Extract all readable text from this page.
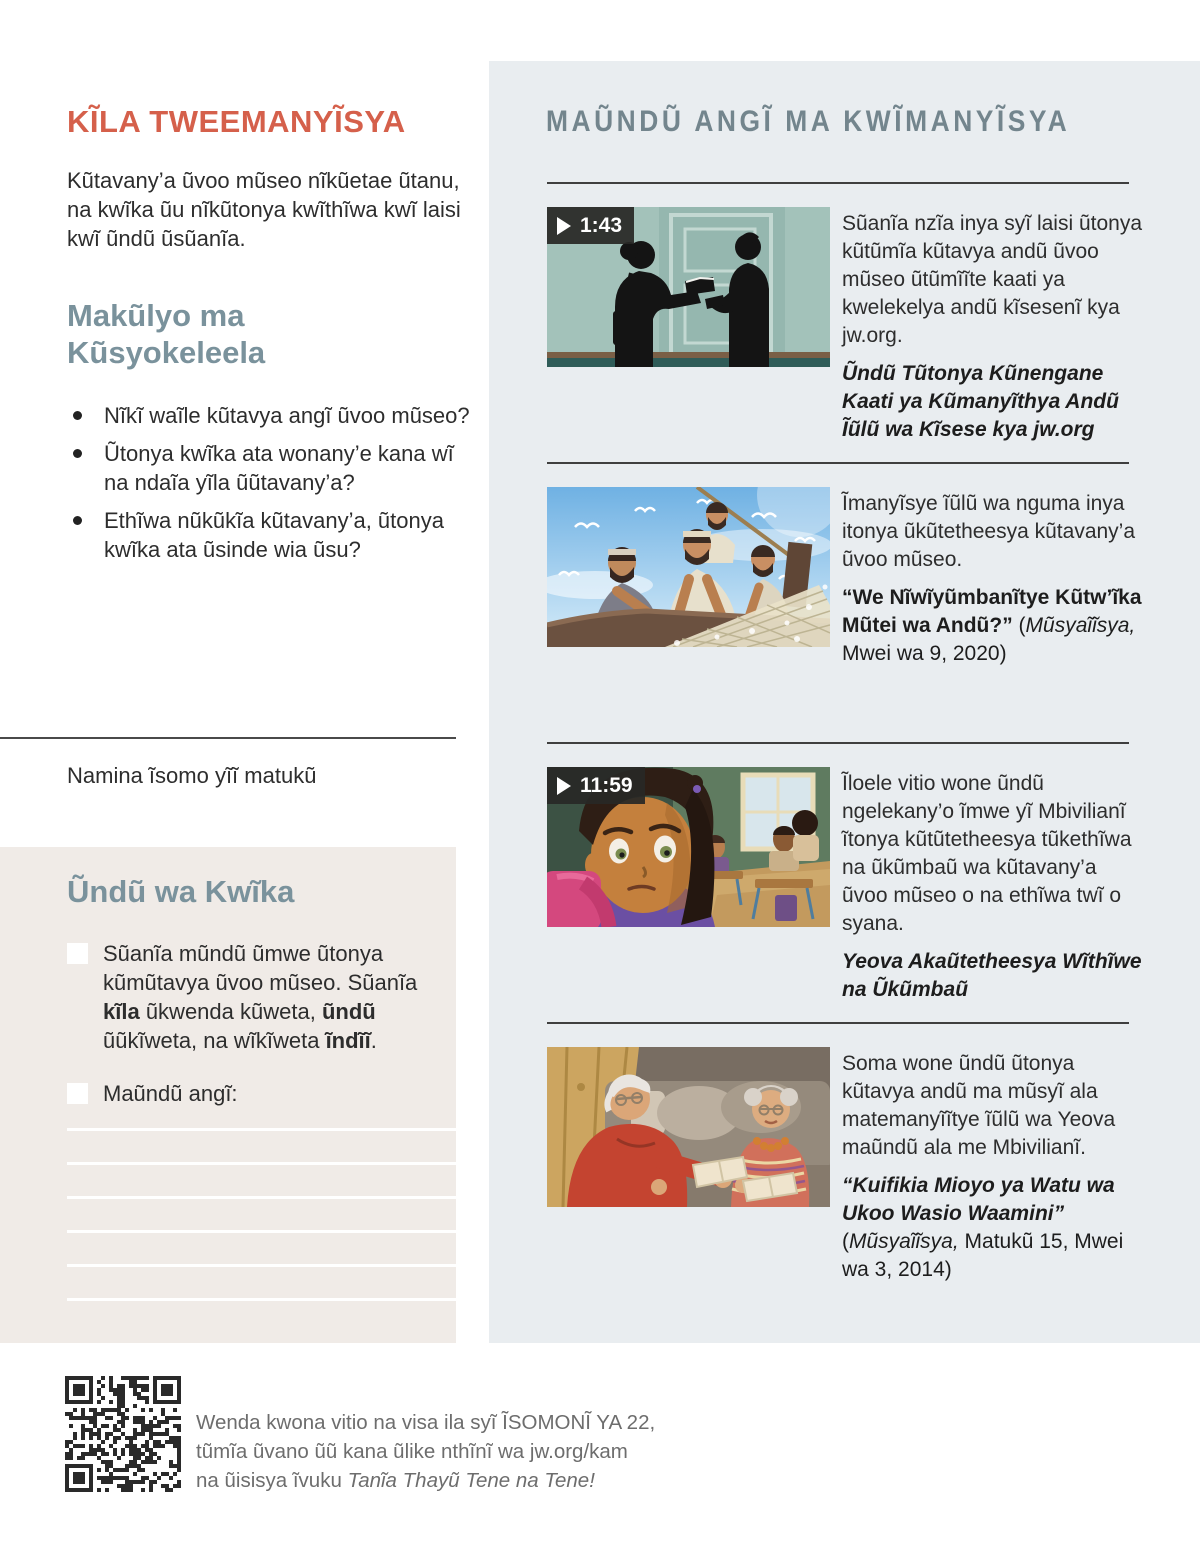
KĨLA TWEEMANYĨSYA
Kũtavany’a ũvoo mũseo nĩkũetae ũtanu, na kwĩka ũu nĩkũtonya kwĩthĩwa kwĩ laisi kwĩ ũndũ ũsũanĩa.
Makũlyo ma Kũsyokeleela
Nĩkĩ waĩle kũtavya angĩ ũvoo mũseo?
Ũtonya kwĩka ata wonany’e kana wĩ na ndaĩa yĩla ũũtavany’a?
Ethĩwa nũkũkĩa kũtavany’a, ũtonya kwĩka ata ũsinde wia ũsu?
Namina ĩsomo yĩĩ matukũ
Ũndũ wa Kwĩka
Sũanĩa mũndũ ũmwe ũtonya kũmũtavya ũvoo mũseo. Sũanĩa kĩla ũkwenda kũweta, ũndũ ũũkĩweta, na wĩkĩweta ĩndĩĩ.
Maũndũ angĩ:
MAŨNDŨ ANGĨ MA KWĨMANYĨSYA
1:43	Sũanĩa nzĩa inya syĩ laisi ũtonya kũtũmĩa kũtavya andũ ũvoo mũseo ũtũmĩĩte kaati ya kwelekelya andũ kĩsesenĩ kya jw.org.
Ũndũ Tũtonya Kũnengane Kaati ya Kũmanyĩthya Andũ Ĩũlũ wa Kĩsese kya jw.org
Ĩmanyĩsye ĩũlũ wa nguma inya itonya ũkũtetheesya kũtavany’a ũvoo mũseo.
“We Nĩwĩyũmbanĩtye Kũtw’ĩka Mũtei wa Andũ?” (Mũsyaĩĩsya, Mwei wa 9, 2020)
11:59	Ĩloele vitio wone ũndũ ngelekany’o ĩmwe yĩ Mbivilianĩ ĩtonya kũtũtetheesya tũkethĩwa na ũkũmbaũ wa kũtavany’a ũvoo mũseo o na ethĩwa twĩ o syana.
Yeova Akaũtetheesya Wĩthĩwe na Ũkũmbaũ
Soma wone ũndũ ũtonya kũtavya andũ ma mũsyĩ ala matemanyĩĩtye ĩũlũ wa Yeova maũndũ ala me Mbivilianĩ.
“Kuifikia Mioyo ya Watu wa Ukoo Wasio Waamini” (Mũsyaĩĩsya, Matukũ 15, Mwei wa 3, 2014)
Wenda kwona vitio na visa ila syĩ ĨSOMONĨ YA 22,
tũmĩa ũvano ũũ kana ũlike nthĩnĩ wa jw.org/kam
na ũisisya ĩvuku Tanĩa Thayũ Tene na Tene!
